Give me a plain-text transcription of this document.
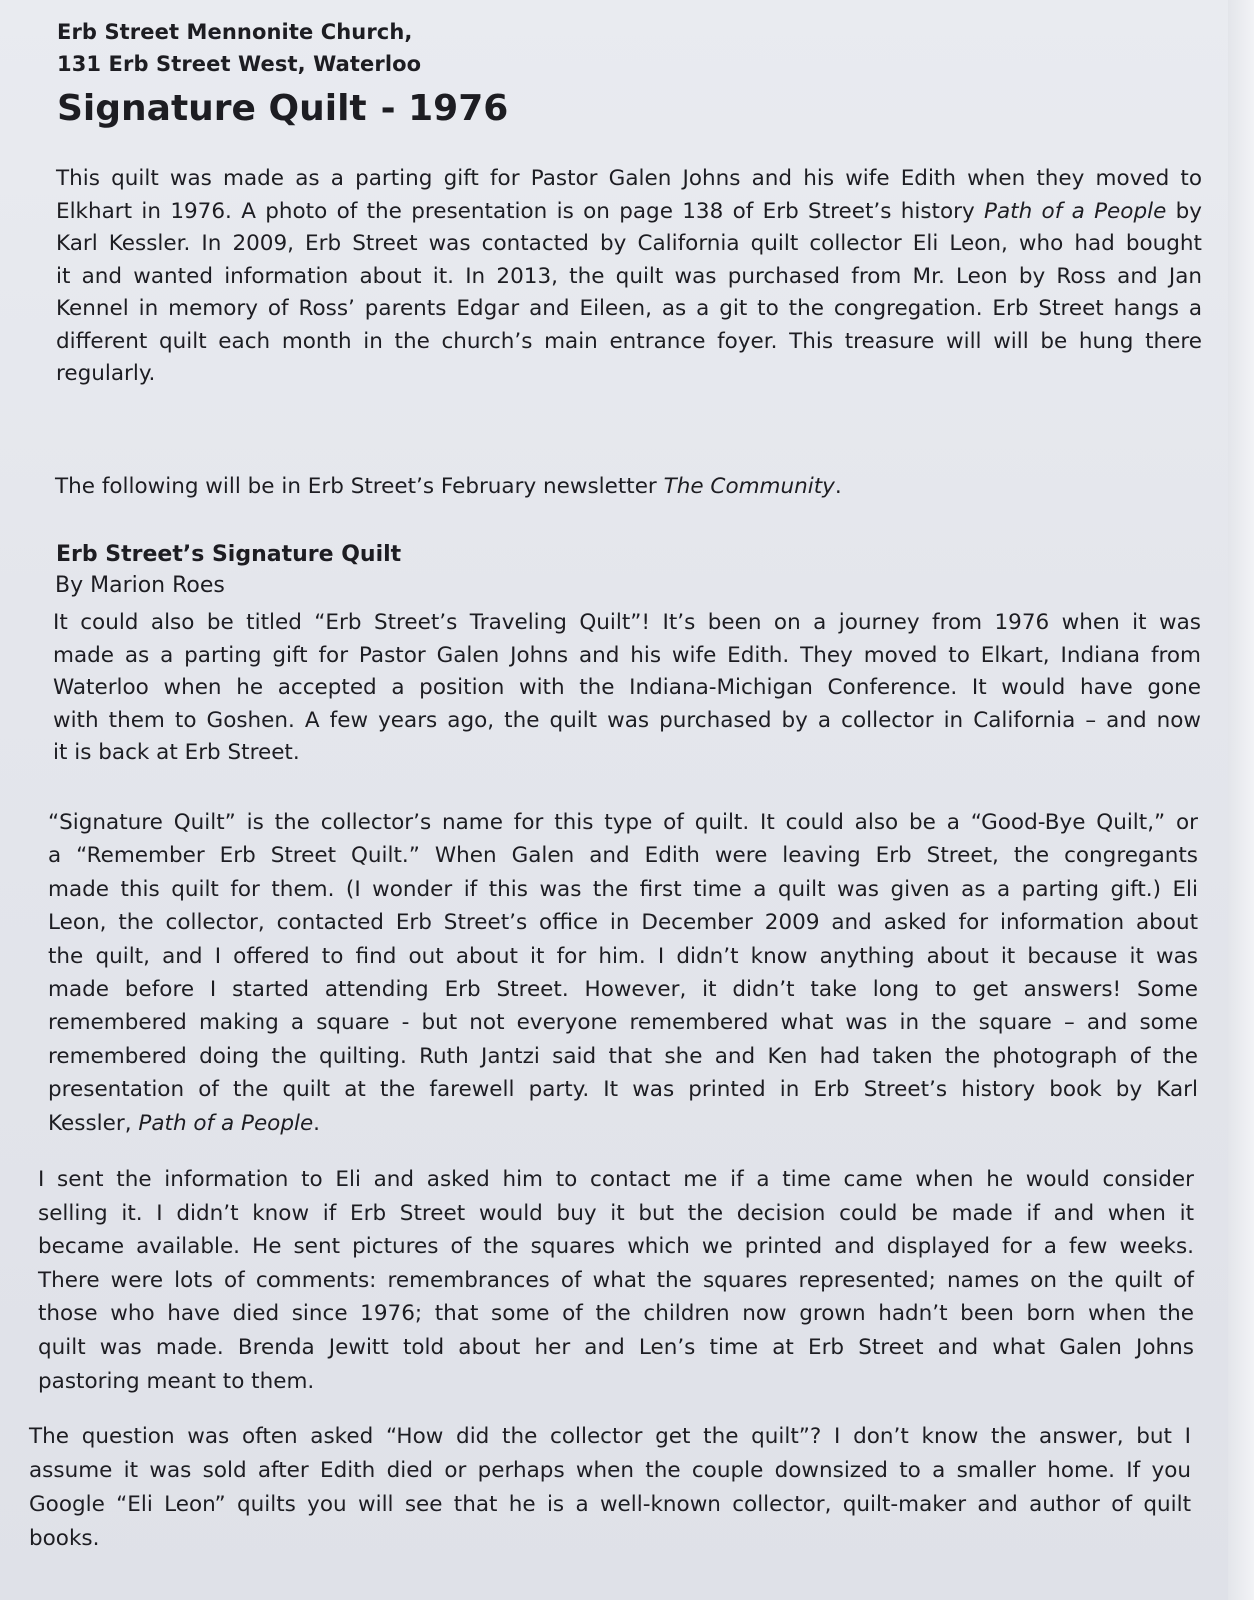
Erb Street Mennonite Church,
131 Erb Street West, Waterloo
Signature Quilt - 1976
This quilt was made as a parting gift for Pastor Galen Johns and his wife Edith when they moved to
Elkhart in 1976. A photo of the presentation is on page 138 of Erb Street’s history Path of a People by
Karl Kessler. In 2009, Erb Street was contacted by California quilt collector Eli Leon, who had bought
it and wanted information about it. In 2013, the quilt was purchased from Mr. Leon by Ross and Jan
Kennel in memory of Ross’ parents Edgar and Eileen, as a git to the congregation. Erb Street hangs a
different quilt each month in the church’s main entrance foyer. This treasure will will be hung there
regularly.
The following will be in Erb Street’s February newsletter The Community.
Erb Street’s Signature Quilt
By Marion Roes
It could also be titled “Erb Street’s Traveling Quilt”! It’s been on a journey from 1976 when it was
made as a parting gift for Pastor Galen Johns and his wife Edith. They moved to Elkart, Indiana from
Waterloo when he accepted a position with the Indiana-Michigan Conference. It would have gone
with them to Goshen. A few years ago, the quilt was purchased by a collector in California – and now
it is back at Erb Street.
“Signature Quilt” is the collector’s name for this type of quilt. It could also be a “Good-Bye Quilt,” or
a “Remember Erb Street Quilt.” When Galen and Edith were leaving Erb Street, the congregants
made this quilt for them. (I wonder if this was the first time a quilt was given as a parting gift.) Eli
Leon, the collector, contacted Erb Street’s office in December 2009 and asked for information about
the quilt, and I offered to find out about it for him. I didn’t know anything about it because it was
made before I started attending Erb Street. However, it didn’t take long to get answers! Some
remembered making a square - but not everyone remembered what was in the square – and some
remembered doing the quilting. Ruth Jantzi said that she and Ken had taken the photograph of the
presentation of the quilt at the farewell party. It was printed in Erb Street’s history book by Karl
Kessler, Path of a People.
I sent the information to Eli and asked him to contact me if a time came when he would consider
selling it. I didn’t know if Erb Street would buy it but the decision could be made if and when it
became available. He sent pictures of the squares which we printed and displayed for a few weeks.
There were lots of comments: remembrances of what the squares represented; names on the quilt of
those who have died since 1976; that some of the children now grown hadn’t been born when the
quilt was made. Brenda Jewitt told about her and Len’s time at Erb Street and what Galen Johns
pastoring meant to them.
The question was often asked “How did the collector get the quilt”? I don’t know the answer, but I
assume it was sold after Edith died or perhaps when the couple downsized to a smaller home. If you
Google “Eli Leon” quilts you will see that he is a well-known collector, quilt-maker and author of quilt
books.
